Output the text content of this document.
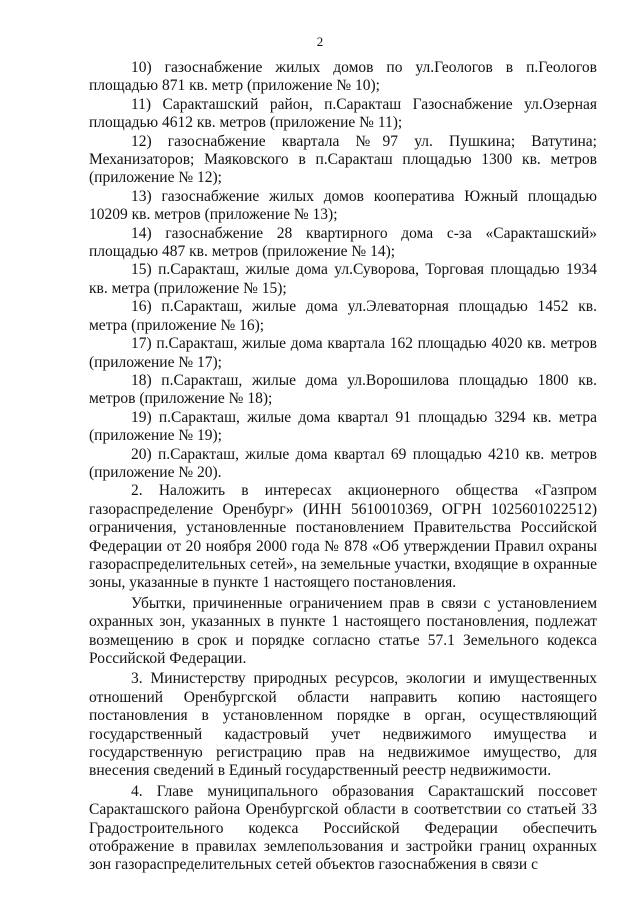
2

10) газоснабжение жилых домов по ул.Геологов в п.Геологов площадью 871 кв. метр (приложение № 10);

11) Саракташский район, п.Саракташ Газоснабжение ул.Озерная площадью 4612 кв. метров (приложение № 11);

12) газоснабжение квартала №97 ул. Пушкина; Ватутина; Механизаторов; Маяковского в п.Саракташ площадью 1300 кв. метров (приложение № 12);

13) газоснабжение жилых домов кооператива Южный площадью 10209 кв. метров (приложение № 13);

14) газоснабжение 28 квартирного дома с-за «Саракташский» площадью 487 кв. метров (приложение № 14);

15) п.Саракташ, жилые дома ул.Суворова, Торговая площадью 1934 кв. метра (приложение № 15);

16) п.Саракташ, жилые дома ул.Элеваторная площадью 1452 кв. метра (приложение № 16);

17) п.Саракташ, жилые дома квартала 162 площадью 4020 кв. метров (приложение № 17);

18) п.Саракташ, жилые дома ул.Ворошилова площадью 1800 кв. метров (приложение № 18);

19) п.Саракташ, жилые дома квартал 91 площадью 3294 кв. метра (приложение № 19);

20) п.Саракташ, жилые дома квартал 69 площадью 4210 кв. метров (приложение № 20).

2. Наложить в интересах акционерного общества «Газпром газораспределение Оренбург» (ИНН 5610010369, ОГРН 1025601022512) ограничения, установленные постановлением Правительства Российской Федерации от 20 ноября 2000 года № 878 «Об утверждении Правил охраны газораспределительных сетей», на земельные участки, входящие в охранные зоны, указанные в пункте 1 настоящего постановления.

Убытки, причиненные ограничением прав в связи с установлением охранных зон, указанных в пункте 1 настоящего постановления, подлежат возмещению в срок и порядке согласно статье 57.1 Земельного кодекса Российской Федерации.

3. Министерству природных ресурсов, экологии и имущественных отношений Оренбургской области направить копию настоящего постановления в установленном порядке в орган, осуществляющий государственный кадастровый учет недвижимого имущества и государственную регистрацию прав на недвижимое имущество, для внесения сведений в Единый государственный реестр недвижимости.

4. Главе муниципального образования Саракташский поссовет Саракташского района Оренбургской области в соответствии со статьей 33 Градостроительного кодекса Российской Федерации обеспечить отображение в правилах землепользования и застройки границ охранных зон газораспределительных сетей объектов газоснабжения в связи с
